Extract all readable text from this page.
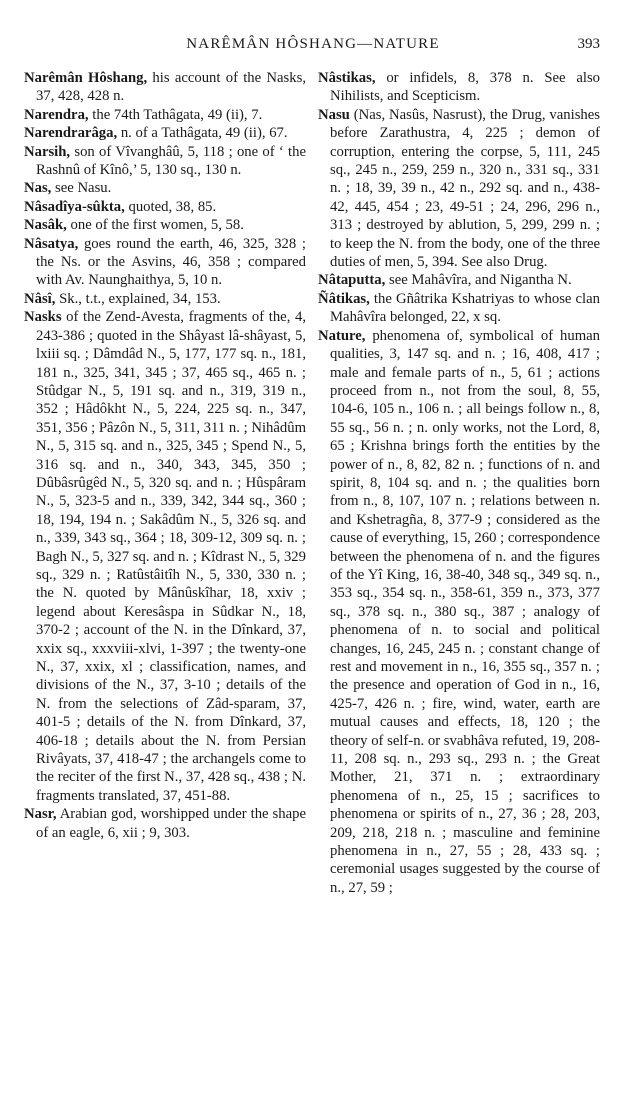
NARÊMÂN HÔSHANG—NATURE	393

Narêmân Hôshang, his account of the Nasks, 37, 428, 428 n.

Narendra, the 74th Tathâgata, 49 (ii), 7.

Narendrarâga, n. of a Tathâgata, 49 (ii), 67.

Narsih, son of Vîvanghâû, 5, 118 ; one of ‘ the Rashnû of Kînô,’ 5, 130 sq., 130 n.

Nas, see Nasu.

Nâsadîya-sûkta, quoted, 38, 85.

Nasâk, one of the first women, 5, 58.

Nâsatya, goes round the earth, 46, 325, 328 ; the Ns. or the Asvins, 46, 358 ; compared with Av. Naunghaithya, 5, 10 n.

Nâsî, Sk., t.t., explained, 34, 153.

Nasks of the Zend-Avesta, fragments of the, 4, 243-386 ; quoted in the Shâyast lâ-shâyast, 5, lxiii sq. ; Dâmdâd N., 5, 177, 177 sq. n., 181, 181 n., 325, 341, 345 ; 37, 465 sq., 465 n. ; Stûdgar N., 5, 191 sq. and n., 319, 319 n., 352 ; Hâdôkht N., 5, 224, 225 sq. n., 347, 351, 356 ; Pâzôn N., 5, 311, 311 n. ; Nihâdûm N., 5, 315 sq. and n., 325, 345 ; Spend N., 5, 316 sq. and n., 340, 343, 345, 350 ; Dûbâsrûgêd N., 5, 320 sq. and n. ; Hûspâram N., 5, 323-5 and n., 339, 342, 344 sq., 360 ; 18, 194, 194 n. ; Sakâdûm N., 5, 326 sq. and n., 339, 343 sq., 364 ; 18, 309-12, 309 sq. n. ; Bagh N., 5, 327 sq. and n. ; Kîdrast N., 5, 329 sq., 329 n. ; Ratûstâitîh N., 5, 330, 330 n. ; the N. quoted by Mânûskîhar, 18, xxiv ; legend about Keresâspa in Sûdkar N., 18, 370-2 ; account of the N. in the Dînkard, 37, xxix sq., xxxviii-xlvi, 1-397 ; the twenty-one N., 37, xxix, xl ; classification, names, and divisions of the N., 37, 3-10 ; details of the N. from the selections of Zâd-sparam, 37, 401-5 ; details of the N. from Dînkard, 37, 406-18 ; details about the N. from Persian Rivâyats, 37, 418-47 ; the archangels come to the reciter of the first N., 37, 428 sq., 438 ; N. fragments translated, 37, 451-88.

Nasr, Arabian god, worshipped under the shape of an eagle, 6, xii ; 9, 303.

Nâstikas, or infidels, 8, 378 n. See also Nihilists, and Scepticism.

Nasu (Nas, Nasûs, Nasrust), the Drug, vanishes before Zarathustra, 4, 225 ; demon of corruption, entering the corpse, 5, 111, 245 sq., 245 n., 259, 259 n., 320 n., 331 sq., 331 n. ; 18, 39, 39 n., 42 n., 292 sq. and n., 438-42, 445, 454 ; 23, 49-51 ; 24, 296, 296 n., 313 ; destroyed by ablution, 5, 299, 299 n. ; to keep the N. from the body, one of the three duties of men, 5, 394. See also Drug.

Nâtaputta, see Mahâvîra, and Nigantha N.

Ñâtikas, the Gñâtrika Kshatriyas to whose clan Mahâvîra belonged, 22, x sq.

Nature, phenomena of, symbolical of human qualities, 3, 147 sq. and n. ; 16, 408, 417 ; male and female parts of n., 5, 61 ; actions proceed from n., not from the soul, 8, 55, 104-6, 105 n., 106 n. ; all beings follow n., 8, 55 sq., 56 n. ; n. only works, not the Lord, 8, 65 ; Krishna brings forth the entities by the power of n., 8, 82, 82 n. ; functions of n. and spirit, 8, 104 sq. and n. ; the qualities born from n., 8, 107, 107 n. ; relations between n. and Kshetragña, 8, 377-9 ; considered as the cause of everything, 15, 260 ; correspondence between the phenomena of n. and the figures of the Yî King, 16, 38-40, 348 sq., 349 sq. n., 353 sq., 354 sq. n., 358-61, 359 n., 373, 377 sq., 378 sq. n., 380 sq., 387 ; analogy of phenomena of n. to social and political changes, 16, 245, 245 n. ; constant change of rest and movement in n., 16, 355 sq., 357 n. ; the presence and operation of God in n., 16, 425-7, 426 n. ; fire, wind, water, earth are mutual causes and effects, 18, 120 ; the theory of self-n. or svabhâva refuted, 19, 208-11, 208 sq. n., 293 sq., 293 n. ; the Great Mother, 21, 371 n. ; extraordinary phenomena of n., 25, 15 ; sacrifices to phenomena or spirits of n., 27, 36 ; 28, 203, 209, 218, 218 n. ; masculine and feminine phenomena in n., 27, 55 ; 28, 433 sq. ; ceremonial usages suggested by the course of n., 27, 59 ;
